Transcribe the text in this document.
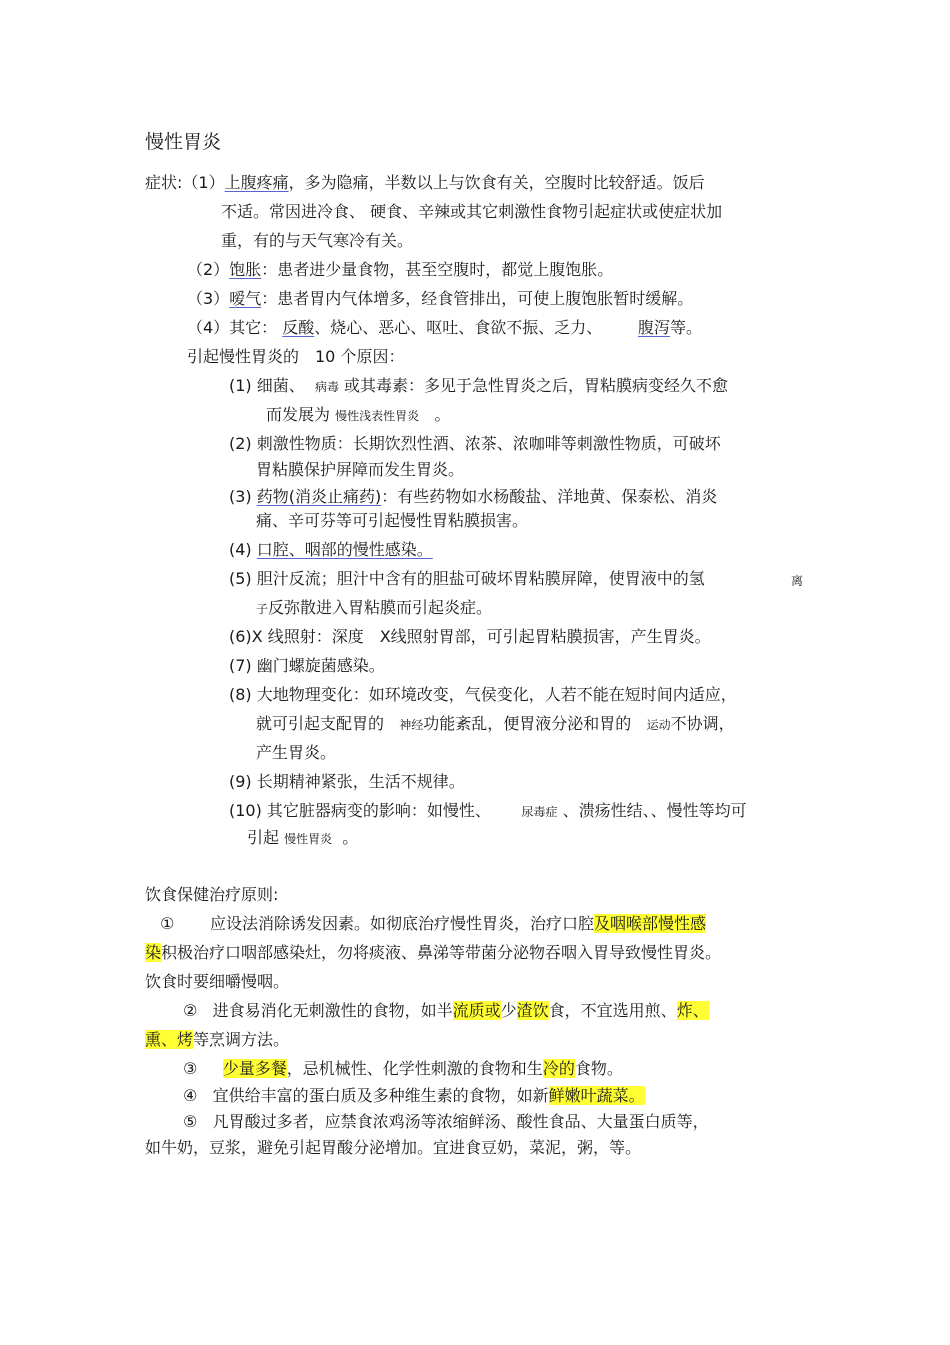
慢性胃炎
症状:（1）上腹疼痛，多为隐痛，半数以上与饮食有关，空腹时比较舒适。饭后
不适。常因进冷食、 硬食、辛辣或其它刺激性食物引起症状或使症状加
重，有的与天气寒冷有关。
（2）饱胀：患者进少量食物，甚至空腹时，都觉上腹饱胀。
（3）嗳气：患者胃内气体增多，经食管排出，可使上腹饱胀暂时缓解。
（4）其它： 反酸、烧心、恶心、呕吐、食欲不振、乏力、 腹泻等。
引起慢性胃炎的　10 个原因：
(1) 细菌、 病毒 或其毒素：多见于急性胃炎之后，胃粘膜病变经久不愈
而发展为 慢性浅表性胃炎 。
(2) 刺激性物质：长期饮烈性酒、浓茶、浓咖啡等刺激性物质，可破坏
胃粘膜保护屏障而发生胃炎。
(3) 药物(消炎止痛药)：有些药物如水杨酸盐、洋地黄、保泰松、消炎
痛、辛可芬等可引起慢性胃粘膜损害。
(4) 口腔、咽部的慢性感染。
(5) 胆汁反流；胆汁中含有的胆盐可破坏胃粘膜屏障，使胃液中的氢	离
子反弥散进入胃粘膜而引起炎症。
(6)X 线照射：深度　X线照射胃部，可引起胃粘膜损害，产生胃炎。
(7) 幽门螺旋菌感染。
(8) 大地物理变化：如环境改变，气侯变化，人若不能在短时间内适应，
就可引起支配胃的 神经功能紊乱，便胃液分泌和胃的 运动不协调，
产生胃炎。
(9) 长期精神紧张，生活不规律。
(10) 其它脏器病变的影响：如慢性、	尿毒症 、溃疡性结、、慢性等均可
引起 慢性胃炎 。
饮食保健治疗原则:
① 应设法消除诱发因素。如彻底治疗慢性胃炎，治疗口腔及咽喉部慢性感
染积极治疗口咽部感染灶，勿将痰液、鼻涕等带菌分泌物吞咽入胃导致慢性胃炎。
饮食时要细嚼慢咽。
② 进食易消化无刺激性的食物，如半流质或少渣饮食，不宜选用煎、炸、
熏、烤等烹调方法。
③ 少量多餐，忌机械性、化学性刺激的食物和生冷的食物。
④ 宜供给丰富的蛋白质及多种维生素的食物，如新鲜嫩叶蔬菜。
⑤ 凡胃酸过多者，应禁食浓鸡汤等浓缩鲜汤、酸性食品、大量蛋白质等，
如牛奶，豆浆，避免引起胃酸分泌增加。宜进食豆奶，菜泥，粥，等。
